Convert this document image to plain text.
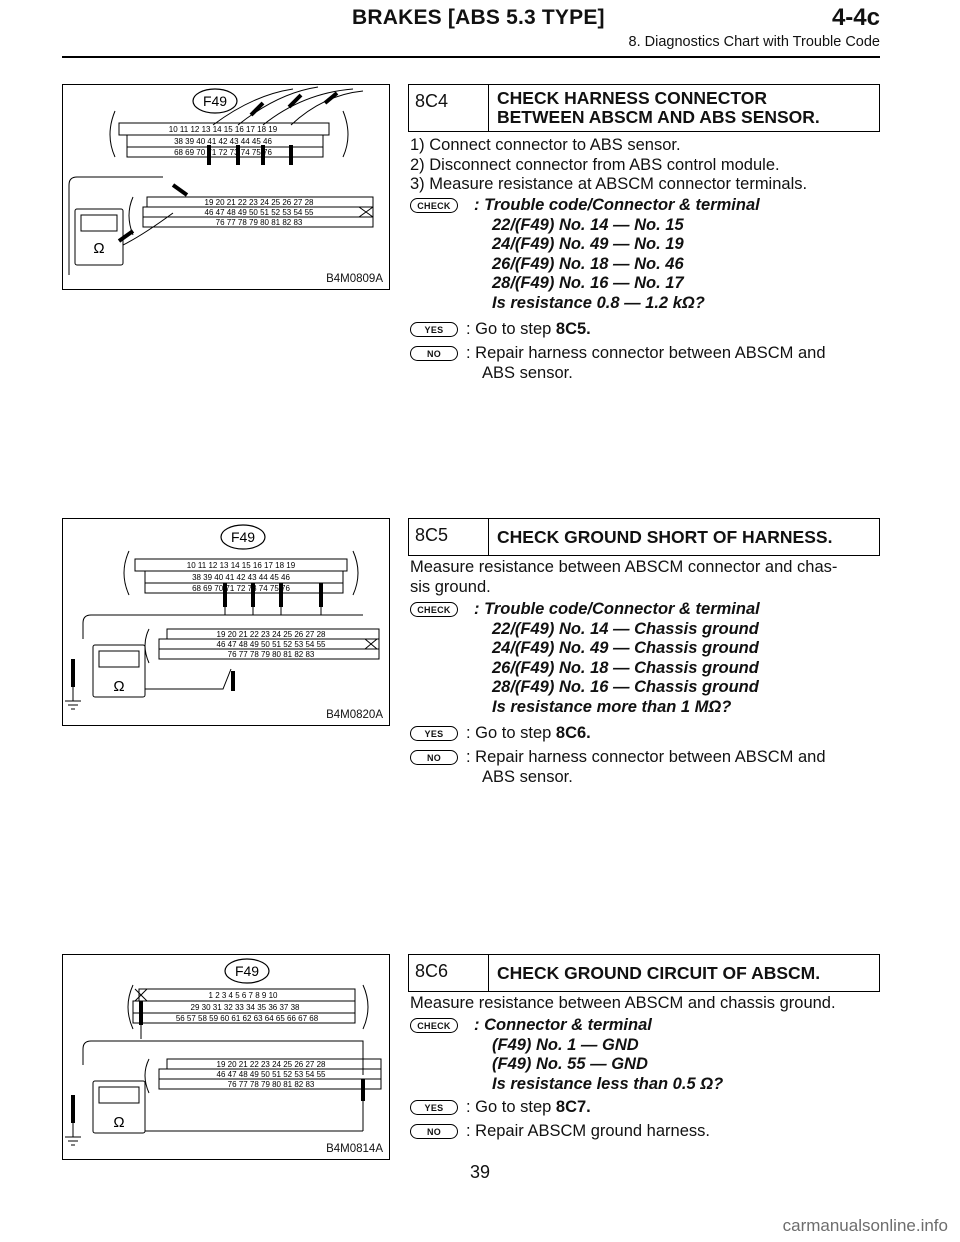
BRAKES [ABS 5.3 TYPE]	4-4c
8. Diagnostics Chart with Trouble Code
F49
10 11 12 13 14 15 16 17 18 19
38 39 40 41 42 43 44 45 46
68 69 70 71 72 73 74 75 76
19 20 21 22 23 24 25 26 27 28
46 47 48 49 50 51 52 53 54 55
76 77 78 79 80 81 82 83
Ω
B4M0809A
8C4	CHECK HARNESS CONNECTOR
BETWEEN ABSCM AND ABS SENSOR.
1) Connect connector to ABS sensor.
2) Disconnect connector from ABS control module.
3) Measure resistance at ABSCM connector terminals.
CHECK	: Trouble code/Connector & terminal
22/(F49) No. 14 — No. 15
24/(F49) No. 49 — No. 19
26/(F49) No. 18 — No. 46
28/(F49) No. 16 — No. 17
Is resistance 0.8 — 1.2 kΩ?
YES	: Go to step 8C5.
NO	: Repair harness connector between ABSCM and
ABS sensor.
F49
10 11 12 13 14 15 16 17 18 19
38 39 40 41 42 43 44 45 46
68 69 70 71 72 73 74 75 76
19 20 21 22 23 24 25 26 27 28
46 47 48 49 50 51 52 53 54 55
76 77 78 79 80 81 82 83
Ω
B4M0820A
8C5	CHECK GROUND SHORT OF HARNESS.
Measure resistance between ABSCM connector and chas-
sis ground.
CHECK	: Trouble code/Connector & terminal
22/(F49) No. 14 — Chassis ground
24/(F49) No. 49 — Chassis ground
26/(F49) No. 18 — Chassis ground
28/(F49) No. 16 — Chassis ground
Is resistance more than 1 MΩ?
YES	: Go to step 8C6.
NO	: Repair harness connector between ABSCM and
ABS sensor.
F49
1 2 3 4 5 6 7 8 9 10
29 30 31 32 33 34 35 36 37 38
56 57 58 59 60 61 62 63 64 65 66 67 68
19 20 21 22 23 24 25 26 27 28
46 47 48 49 50 51 52 53 54 55
76 77 78 79 80 81 82 83
Ω
B4M0814A
8C6	CHECK GROUND CIRCUIT OF ABSCM.
Measure resistance between ABSCM and chassis ground.
CHECK	: Connector & terminal
(F49) No. 1 — GND
(F49) No. 55 — GND
Is resistance less than 0.5 Ω?
YES	: Go to step 8C7.
NO	: Repair ABSCM ground harness.
39
carmanualsonline.info
